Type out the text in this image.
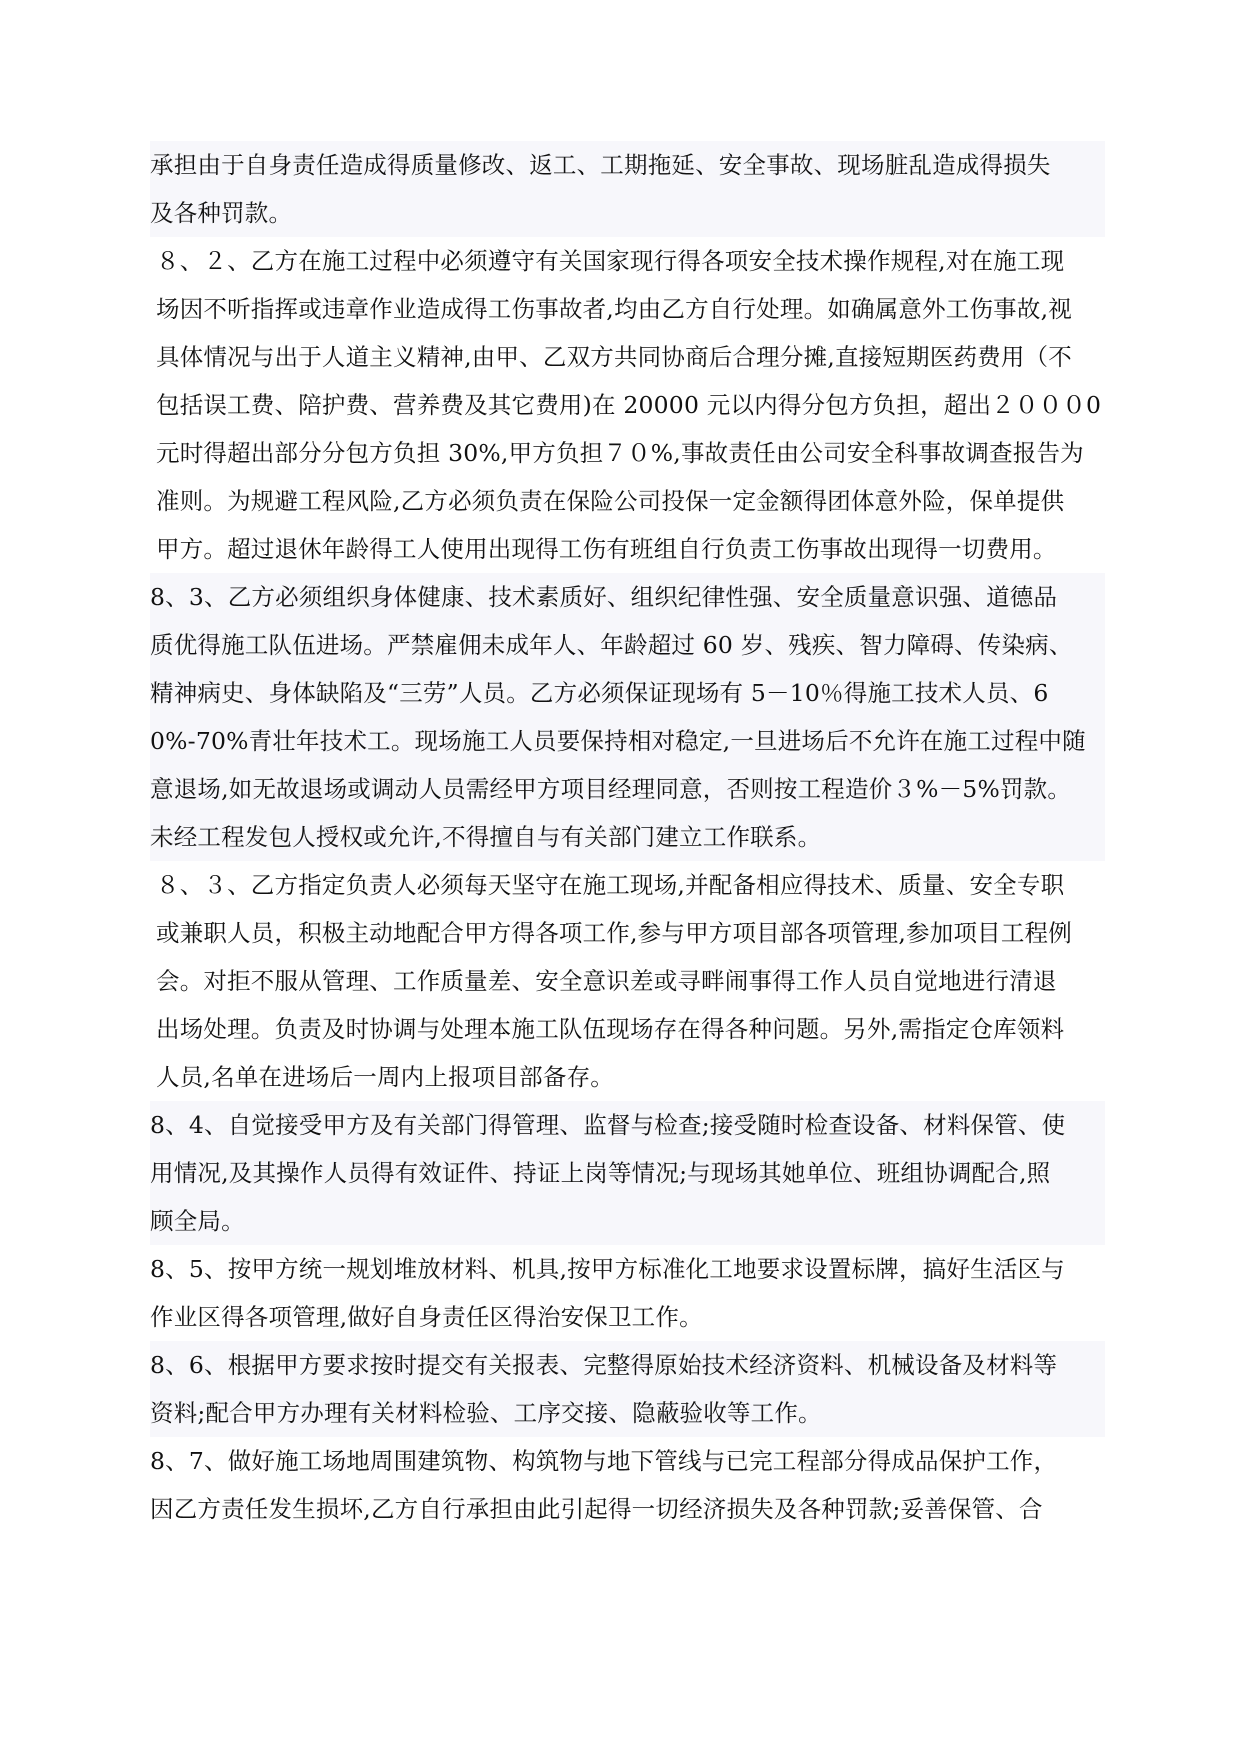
承担由于自身责任造成得质量修改、返工、工期拖延、安全事故、现场脏乱造成得损失
及各种罚款。
８、２、乙方在施工过程中必须遵守有关国家现行得各项安全技术操作规程,对在施工现
场因不听指挥或违章作业造成得工伤事故者,均由乙方自行处理。如确属意外工伤事故,视
具体情况与出于人道主义精神,由甲、乙双方共同协商后合理分摊,直接短期医药费用（不
包括误工费、陪护费、营养费及其它费用)在 20000 元以内得分包方负担，超出２０００0
元时得超出部分分包方负担 30%,甲方负担７０%,事故责任由公司安全科事故调查报告为
准则。为规避工程风险,乙方必须负责在保险公司投保一定金额得团体意外险，保单提供
甲方。超过退休年龄得工人使用出现得工伤有班组自行负责工伤事故出现得一切费用。
8、3、乙方必须组织身体健康、技术素质好、组织纪律性强、安全质量意识强、道德品
质优得施工队伍进场。严禁雇佣未成年人、年龄超过 60 岁、残疾、智力障碍、传染病、
精神病史、身体缺陷及“三劳”人员。乙方必须保证现场有 5－10％得施工技术人员、6
0%-70%青壮年技术工。现场施工人员要保持相对稳定,一旦进场后不允许在施工过程中随
意退场,如无故退场或调动人员需经甲方项目经理同意，否则按工程造价３%－5%罚款。
未经工程发包人授权或允许,不得擅自与有关部门建立工作联系。
８、３、乙方指定负责人必须每天坚守在施工现场,并配备相应得技术、质量、安全专职
或兼职人员，积极主动地配合甲方得各项工作,参与甲方项目部各项管理,参加项目工程例
会。对拒不服从管理、工作质量差、安全意识差或寻畔闹事得工作人员自觉地进行清退
出场处理。负责及时协调与处理本施工队伍现场存在得各种问题。另外,需指定仓库领料
人员,名单在进场后一周内上报项目部备存。
8、4、自觉接受甲方及有关部门得管理、监督与检查;接受随时检查设备、材料保管、使
用情况,及其操作人员得有效证件、持证上岗等情况;与现场其她单位、班组协调配合,照
顾全局。
8、5、按甲方统一规划堆放材料、机具,按甲方标准化工地要求设置标牌，搞好生活区与
作业区得各项管理,做好自身责任区得治安保卫工作。
8、6、根据甲方要求按时提交有关报表、完整得原始技术经济资料、机械设备及材料等
资料;配合甲方办理有关材料检验、工序交接、隐蔽验收等工作。
8、7、做好施工场地周围建筑物、构筑物与地下管线与已完工程部分得成品保护工作，
因乙方责任发生损坏,乙方自行承担由此引起得一切经济损失及各种罚款;妥善保管、合
